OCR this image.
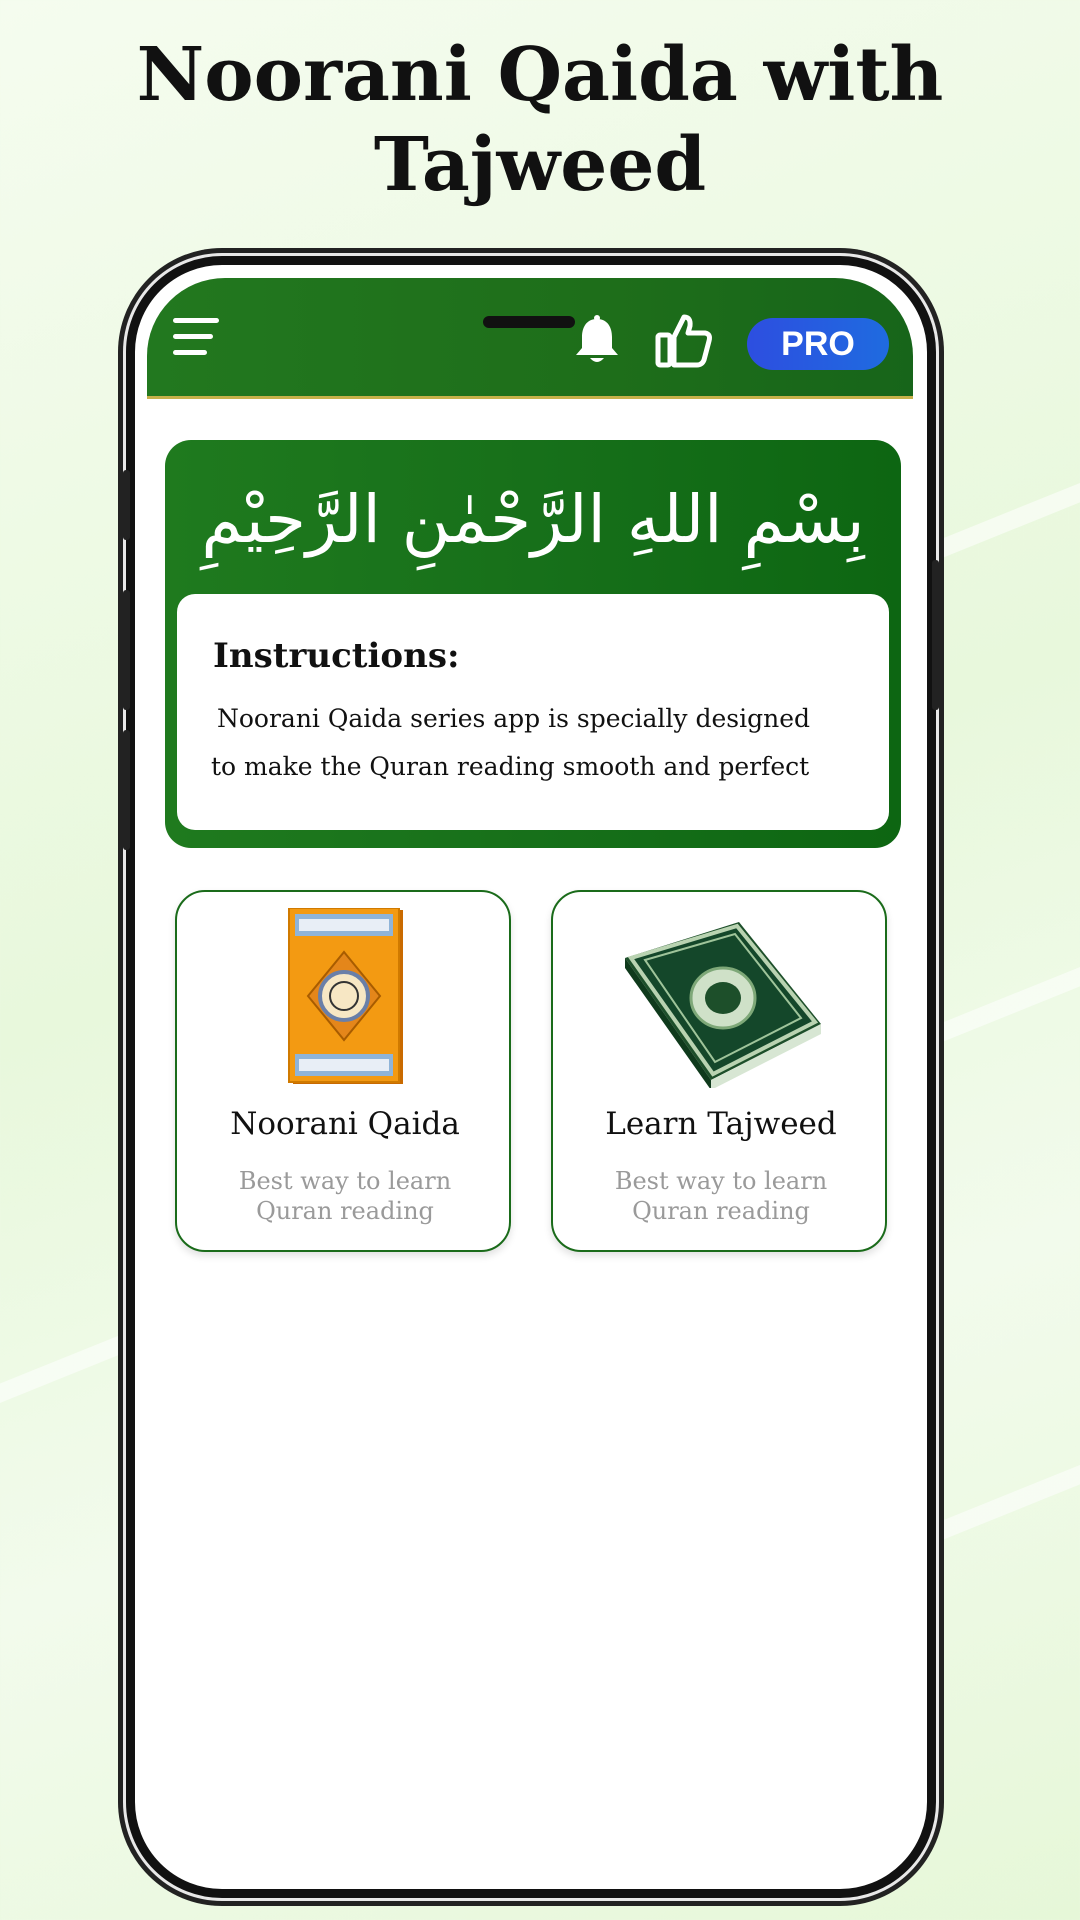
Noorani Qaida with Tajweed
PRO
بِسْمِ اللهِ الرَّحْمٰنِ الرَّحِيْمِ
Instructions:

Noorani Qaida series app is specially designed

to make the Quran reading smooth and perfect

Noorani Qaida

Best way to learn Quran reading

Learn Tajweed

Best way to learn Quran reading
